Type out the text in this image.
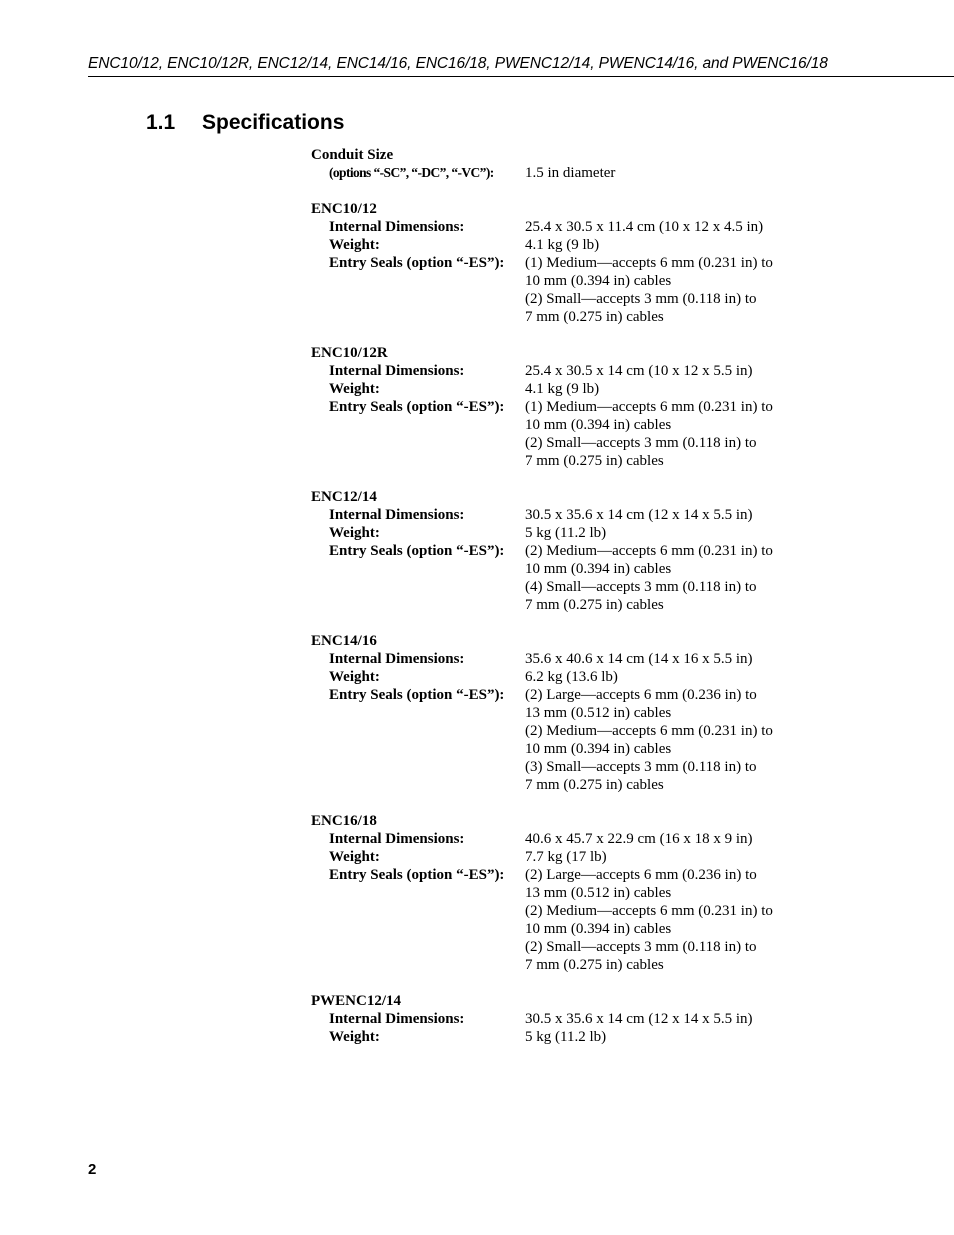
ENC10/12, ENC10/12R, ENC12/14, ENC14/16, ENC16/18, PWENC12/14, PWENC14/16, and PWENC16/18
1.1 Specifications
Conduit Size
(options “-SC”, “-DC”, “-VC”):	1.5 in diameter
ENC10/12
Internal Dimensions:	25.4 x 30.5 x 11.4 cm (10 x 12 x 4.5 in)
Weight:	4.1 kg (9 lb)
Entry Seals (option “-ES”):	(1) Medium—accepts 6 mm (0.231 in) to
10 mm (0.394 in) cables
(2) Small—accepts 3 mm (0.118 in) to
7 mm (0.275 in) cables
ENC10/12R
Internal Dimensions:	25.4 x 30.5 x 14 cm (10 x 12 x 5.5 in)
Weight:	4.1 kg (9 lb)
Entry Seals (option “-ES”):	(1) Medium—accepts 6 mm (0.231 in) to
10 mm (0.394 in) cables
(2) Small—accepts 3 mm (0.118 in) to
7 mm (0.275 in) cables
ENC12/14
Internal Dimensions:	30.5 x 35.6 x 14 cm (12 x 14 x 5.5 in)
Weight:	5 kg (11.2 lb)
Entry Seals (option “-ES”):	(2) Medium—accepts 6 mm (0.231 in) to
10 mm (0.394 in) cables
(4) Small—accepts 3 mm (0.118 in) to
7 mm (0.275 in) cables
ENC14/16
Internal Dimensions:	35.6 x 40.6 x 14 cm (14 x 16 x 5.5 in)
Weight:	6.2 kg (13.6 lb)
Entry Seals (option “-ES”):	(2) Large—accepts 6 mm (0.236 in) to
13 mm (0.512 in) cables
(2) Medium—accepts 6 mm (0.231 in) to
10 mm (0.394 in) cables
(3) Small—accepts 3 mm (0.118 in) to
7 mm (0.275 in) cables
ENC16/18
Internal Dimensions:	40.6 x 45.7 x 22.9 cm (16 x 18 x 9 in)
Weight:	7.7 kg (17 lb)
Entry Seals (option “-ES”):	(2) Large—accepts 6 mm (0.236 in) to
13 mm (0.512 in) cables
(2) Medium—accepts 6 mm (0.231 in) to
10 mm (0.394 in) cables
(2) Small—accepts 3 mm (0.118 in) to
7 mm (0.275 in) cables
PWENC12/14
Internal Dimensions:	30.5 x 35.6 x 14 cm (12 x 14 x 5.5 in)
Weight:	5 kg (11.2 lb)
2
